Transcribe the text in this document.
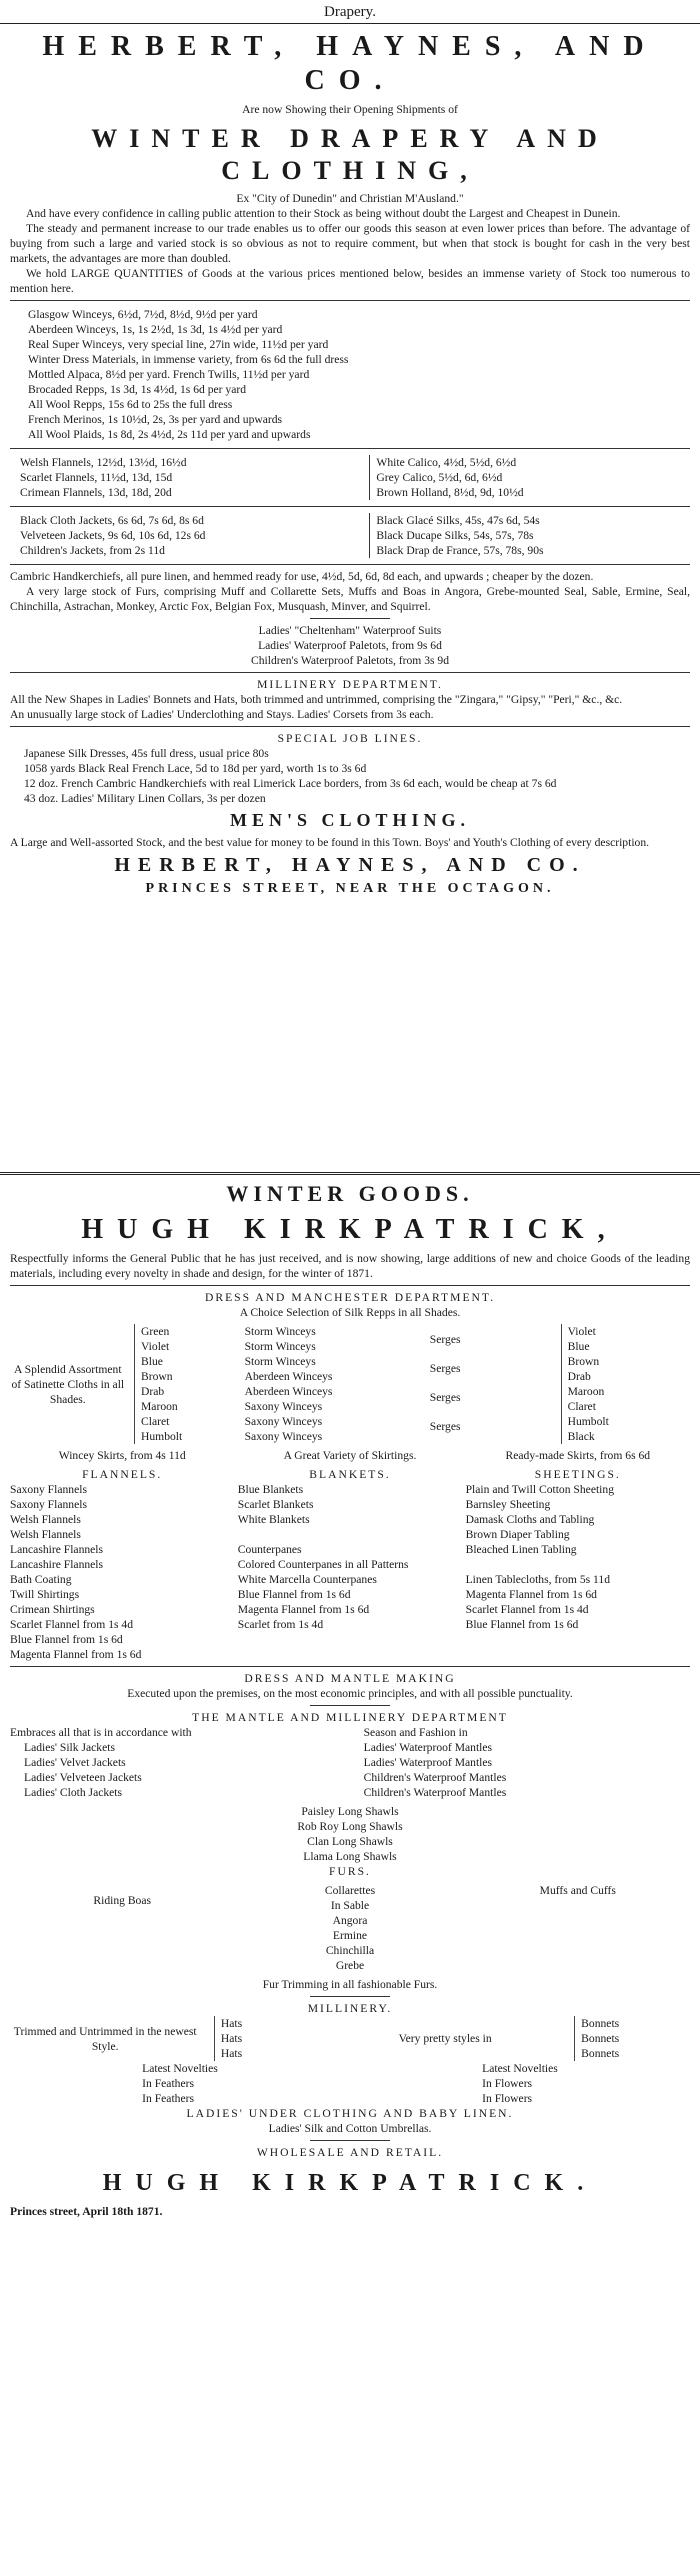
Drapery.
HERBERT, HAYNES, AND CO.
Are now Showing their Opening Shipments of
WINTER DRAPERY AND CLOTHING,
Ex "City of Dunedin" and Christian M'Ausland."

And have every confidence in calling public attention to their Stock as being without doubt the Largest and Cheapest in Dunein.

The steady and permanent increase to our trade enables us to offer our goods this season at even lower prices than before. The advantage of buying from such a large and varied stock is so obvious as not to require comment, but when that stock is bought for cash in the very best markets, the advantages are more than doubled.

We hold LARGE QUANTITIES of Goods at the various prices mentioned below, besides an immense variety of Stock too numerous to mention here.

Glasgow Winceys, 6½d, 7½d, 8½d, 9½d per yard

Aberdeen Winceys, 1s, 1s 2½d, 1s 3d, 1s 4½d per yard

Real Super Winceys, very special line, 27in wide, 11½d per yard

Winter Dress Materials, in immense variety, from 6s 6d the full dress

Mottled Alpaca, 8½d per yard. French Twills, 11½d per yard

Brocaded Repps, 1s 3d, 1s 4½d, 1s 6d per yard

All Wool Repps, 15s 6d to 25s the full dress

French Merinos, 1s 10½d, 2s, 3s per yard and upwards

All Wool Plaids, 1s 8d, 2s 4½d, 2s 11d per yard and upwards

Welsh Flannels, 12½d, 13½d, 16½d

Scarlet Flannels, 11½d, 13d, 15d

Crimean Flannels, 13d, 18d, 20d

White Calico, 4½d, 5½d, 6½d

Grey Calico, 5½d, 6d, 6½d

Brown Holland, 8½d, 9d, 10½d

Black Cloth Jackets, 6s 6d, 7s 6d, 8s 6d

Velveteen Jackets, 9s 6d, 10s 6d, 12s 6d

Children's Jackets, from 2s 11d

Black Glacé Silks, 45s, 47s 6d, 54s

Black Ducape Silks, 54s, 57s, 78s

Black Drap de France, 57s, 78s, 90s

Cambric Handkerchiefs, all pure linen, and hemmed ready for use, 4½d, 5d, 6d, 8d each, and upwards ; cheaper by the dozen.

A very large stock of Furs, comprising Muff and Collarette Sets, Muffs and Boas in Angora, Grebe-mounted Seal, Sable, Ermine, Seal, Chinchilla, Astrachan, Monkey, Arctic Fox, Belgian Fox, Musquash, Minver, and Squirrel.

Ladies' "Cheltenham" Waterproof Suits

Ladies' Waterproof Paletots, from 9s 6d

Children's Waterproof Paletots, from 3s 9d

MILLINERY DEPARTMENT.

All the New Shapes in Ladies' Bonnets and Hats, both trimmed and untrimmed, comprising the "Zingara," "Gipsy," "Peri," &c., &c.

An unusually large stock of Ladies' Underclothing and Stays. Ladies' Corsets from 3s each.

SPECIAL JOB LINES.

Japanese Silk Dresses, 45s full dress, usual price 80s

1058 yards Black Real French Lace, 5d to 18d per yard, worth 1s to 3s 6d

12 doz. French Cambric Handkerchiefs with real Limerick Lace borders, from 3s 6d each, would be cheap at 7s 6d

43 doz. Ladies' Military Linen Collars, 3s per dozen

MEN'S CLOTHING.
A Large and Well-assorted Stock, and the best value for money to be found in this Town. Boys' and Youth's Clothing of every description.
HERBERT, HAYNES, AND CO.
PRINCES STREET, NEAR THE OCTAGON.
WINTER GOODS.
HUGH KIRKPATRICK,
Respectfully informs the General Public that he has just received, and is now showing, large additions of new and choice Goods of the leading materials, including every novelty in shade and design, for the winter of 1871.
DRESS AND MANCHESTER DEPARTMENT.
A Choice Selection of Silk Repps in all Shades.
A Splendid Assortment of Satinette Cloths in all Shades.

Green

Violet

Blue

Brown

Drab

Maroon

Claret

Humbolt

Storm Winceys

Storm Winceys

Storm Winceys

Aberdeen Winceys

Aberdeen Winceys

Saxony Winceys

Saxony Winceys

Saxony Winceys

Serges

Serges

Serges

Serges

Violet

Blue

Brown

Drab

Maroon

Claret

Humbolt

Black

Wincey Skirts, from 4s 11d	A Great Variety of Skirtings.	Ready-made Skirts, from 6s 6d
FLANNELS.

Saxony Flannels

Saxony Flannels

Welsh Flannels

Welsh Flannels

Lancashire Flannels

Lancashire Flannels

Bath Coating

Twill Shirtings

Crimean Shirtings

Scarlet Flannel from 1s 4d

Blue Flannel from 1s 6d

Magenta Flannel from 1s 6d

BLANKETS.

Blue Blankets

Scarlet Blankets

White Blankets

Counterpanes

Colored Counterpanes in all Patterns

White Marcella Counterpanes

Blue Flannel from 1s 6d

Magenta Flannel from 1s 6d

Scarlet from 1s 4d

SHEETINGS.

Plain and Twill Cotton Sheeting

Barnsley Sheeting

Damask Cloths and Tabling

Brown Diaper Tabling

Bleached Linen Tabling

Linen Tablecloths, from 5s 11d

Magenta Flannel from 1s 6d

Scarlet Flannel from 1s 4d

Blue Flannel from 1s 6d

DRESS AND MANTLE MAKING
Executed upon the premises, on the most economic principles, and with all possible punctuality.
THE MANTLE AND MILLINERY DEPARTMENT

Embraces all that is in accordance with

Ladies' Silk Jackets

Ladies' Velvet Jackets

Ladies' Velveteen Jackets

Ladies' Cloth Jackets

Season and Fashion in

Ladies' Waterproof Mantles

Ladies' Waterproof Mantles

Children's Waterproof Mantles

Children's Waterproof Mantles

Paisley Long Shawls

Rob Roy Long Shawls

Clan Long Shawls

Llama Long Shawls

FURS.
Riding Boas

Collarettes

In Sable

Angora

Ermine

Chinchilla

Grebe

Muffs and Cuffs
Fur Trimming in all fashionable Furs.
MILLINERY.
Trimmed and Untrimmed in the newest Style.

Hats

Hats

Hats

Very pretty styles in

Bonnets

Bonnets

Bonnets

Latest Novelties

In Feathers

In Feathers

Latest Novelties

In Flowers

In Flowers

LADIES' UNDER CLOTHING AND BABY LINEN.
Ladies' Silk and Cotton Umbrellas.
WHOLESALE AND RETAIL.
HUGH KIRKPATRICK.
Princes street, April 18th 1871.
